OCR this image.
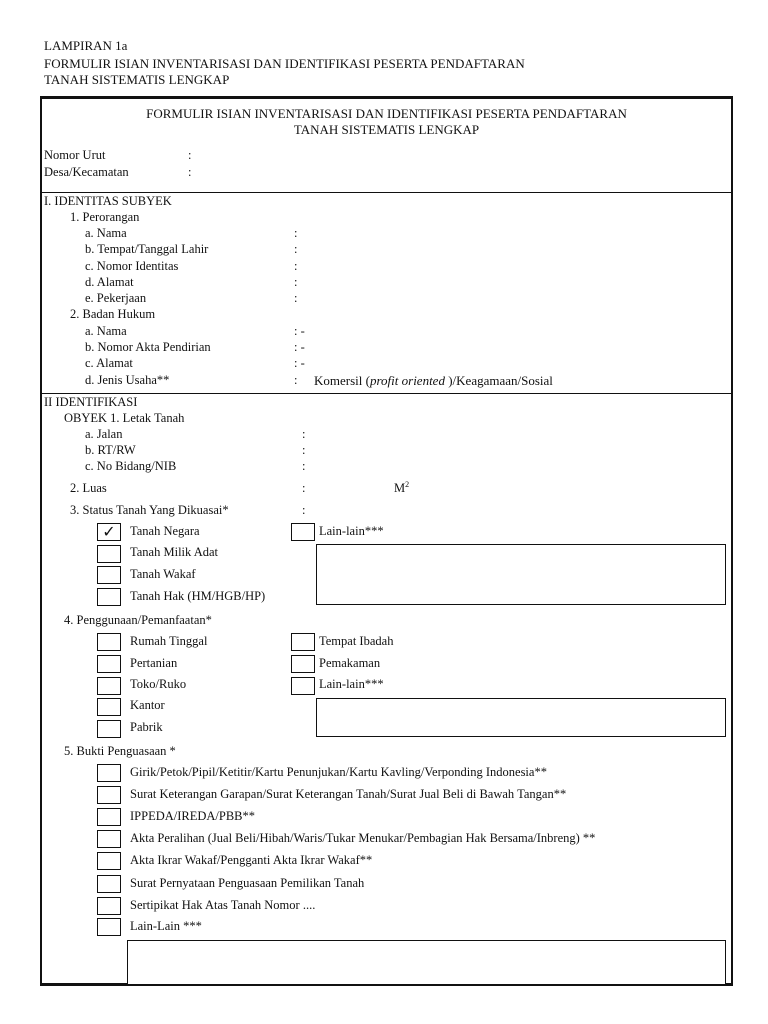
LAMPIRAN 1a
FORMULIR ISIAN INVENTARISASI DAN IDENTIFIKASI PESERTA PENDAFTARAN
TANAH SISTEMATIS LENGKAP
FORMULIR ISIAN INVENTARISASI DAN IDENTIFIKASI PESERTA PENDAFTARAN
TANAH SISTEMATIS LENGKAP
Nomor Urut	:
Desa/Kecamatan	:
I. IDENTITAS SUBYEK
1. Perorangan
a. Nama	:
b. Tempat/Tanggal Lahir	:
c. Nomor Identitas	:
d. Alamat	:
e. Pekerjaan	:
2. Badan Hukum
a. Nama	: -
b. Nomor Akta Pendirian	: -
c. Alamat	: -
d. Jenis Usaha**	: Komersil (profit oriented )/Keagamaan/Sosial
II IDENTIFIKASI
OBYEK 1. Letak Tanah
a. Jalan	:
b. RT/RW	:
c. No Bidang/NIB	:
2. Luas	:	$M^2$
3. Status Tanah Yang Dikuasai*	:
✓	Tanah Negara
Tanah Milik Adat
Tanah Wakaf
Tanah Hak (HM/HGB/HP)
Lain-lain***
4. Penggunaan/Pemanfaatan*
Rumah Tinggal
Pertanian
Toko/Ruko
Kantor
Pabrik
Tempat Ibadah
Pemakaman
Lain-lain***
5. Bukti Penguasaan *
Girik/Petok/Pipil/Ketitir/Kartu Penunjukan/Kartu Kavling/Verponding Indonesia**
Surat Keterangan Garapan/Surat Keterangan Tanah/Surat Jual Beli di Bawah Tangan**
IPPEDA/IREDA/PBB**
Akta Peralihan (Jual Beli/Hibah/Waris/Tukar Menukar/Pembagian Hak Bersama/Inbreng) **
Akta Ikrar Wakaf/Pengganti Akta Ikrar Wakaf**
Surat Pernyataan Penguasaan Pemilikan Tanah
Sertipikat Hak Atas Tanah Nomor ....
Lain-Lain ***
